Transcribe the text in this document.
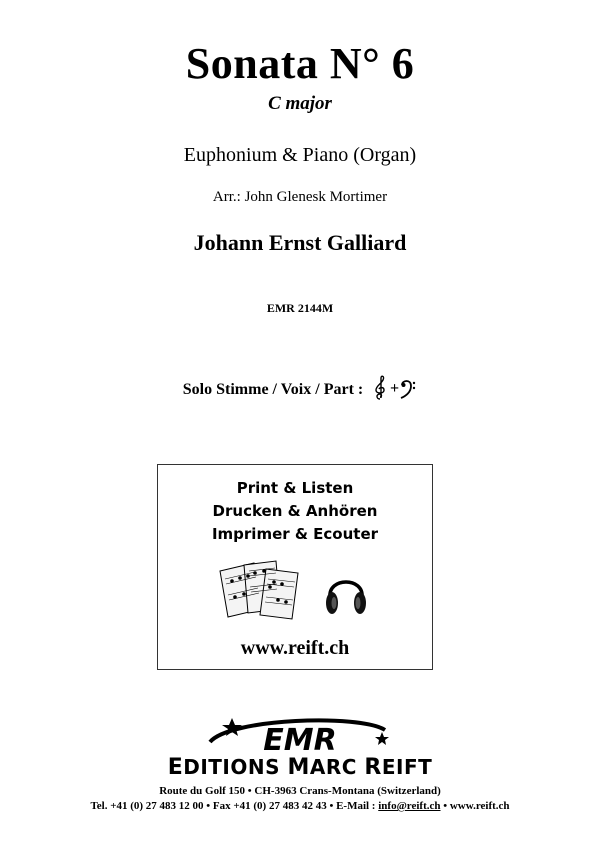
Sonata N° 6
C major
Euphonium & Piano (Organ)
Arr.: John Glenesk Mortimer
Johann Ernst Galliard
EMR 2144M
Solo Stimme / Voix / Part : +
Print & Listen
Drucken & Anhören
Imprimer & Ecouter
www.reift.ch
EMR
EDITIONS MARC REIFT
Route du Golf 150 • CH-3963 Crans-Montana (Switzerland)
Tel. +41 (0) 27 483 12 00 • Fax +41 (0) 27 483 42 43 • E-Mail : info@reift.ch • www.reift.ch
